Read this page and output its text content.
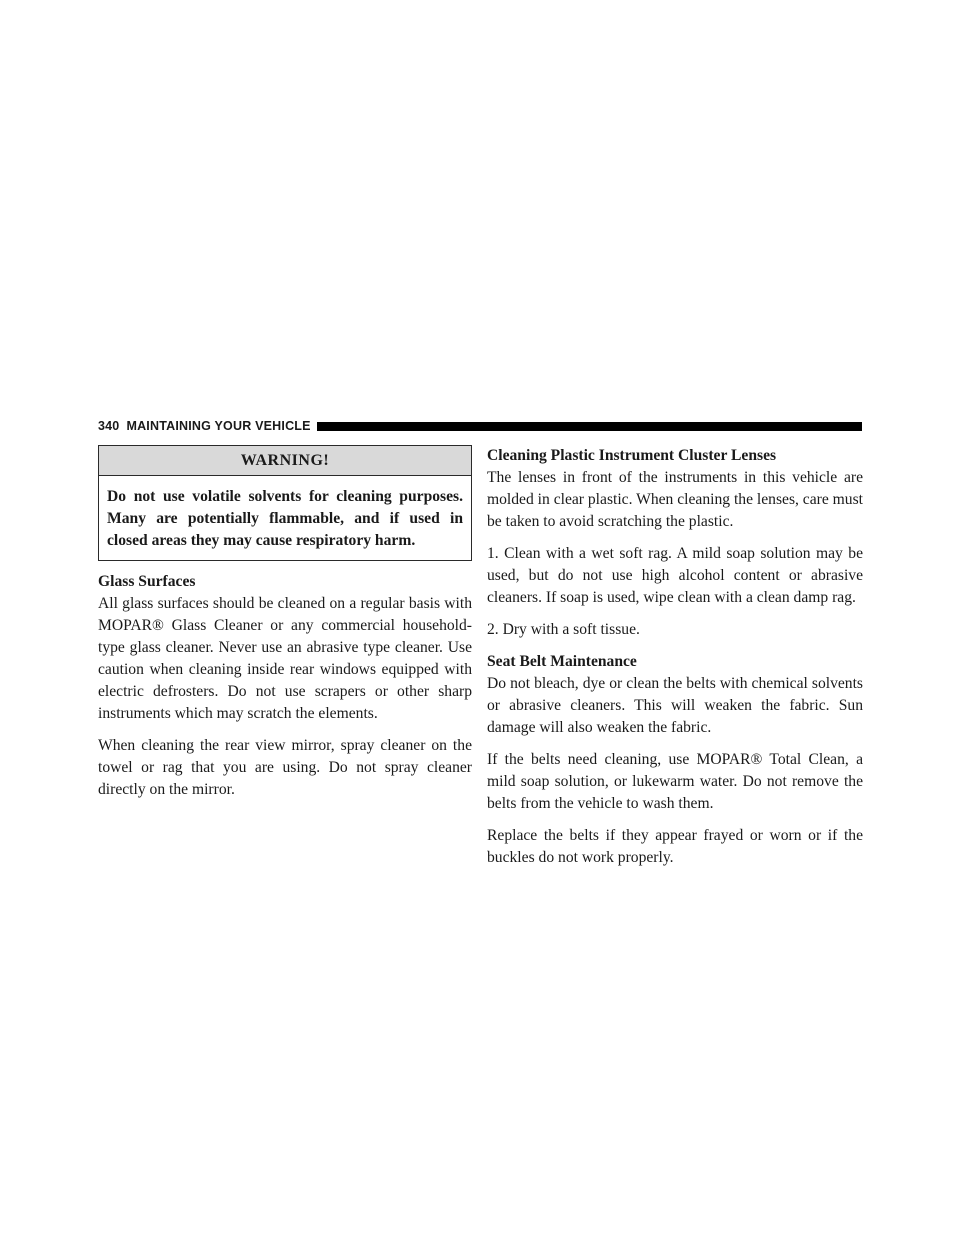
340 MAINTAINING YOUR VEHICLE
WARNING!
Do not use volatile solvents for cleaning purposes. Many are potentially flammable, and if used in closed areas they may cause respiratory harm.
Glass Surfaces

All glass surfaces should be cleaned on a regular basis with MOPAR® Glass Cleaner or any commercial household-type glass cleaner. Never use an abrasive type cleaner. Use caution when cleaning inside rear windows equipped with electric defrosters. Do not use scrapers or other sharp instruments which may scratch the elements.

When cleaning the rear view mirror, spray cleaner on the towel or rag that you are using. Do not spray cleaner directly on the mirror.

Cleaning Plastic Instrument Cluster Lenses

The lenses in front of the instruments in this vehicle are molded in clear plastic. When cleaning the lenses, care must be taken to avoid scratching the plastic.

1. Clean with a wet soft rag. A mild soap solution may be used, but do not use high alcohol content or abrasive cleaners. If soap is used, wipe clean with a clean damp rag.

2. Dry with a soft tissue.

Seat Belt Maintenance

Do not bleach, dye or clean the belts with chemical solvents or abrasive cleaners. This will weaken the fabric. Sun damage will also weaken the fabric.

If the belts need cleaning, use MOPAR® Total Clean, a mild soap solution, or lukewarm water. Do not remove the belts from the vehicle to wash them.

Replace the belts if they appear frayed or worn or if the buckles do not work properly.
